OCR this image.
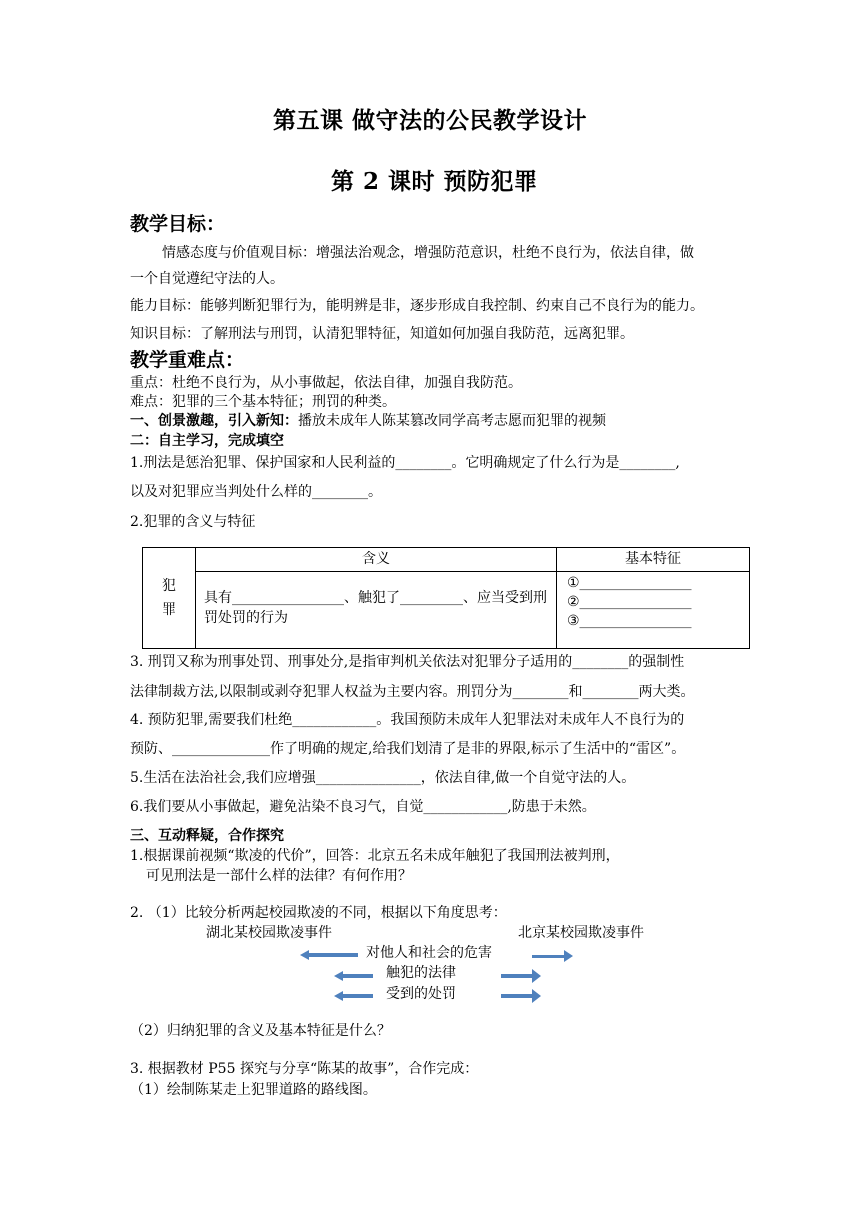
第五课 做守法的公民教学设计
第 2 课时 预防犯罪
教学目标：
情感态度与价值观目标：增强法治观念，增强防范意识，杜绝不良行为，依法自律，做
一个自觉遵纪守法的人。
能力目标：能够判断犯罪行为，能明辨是非，逐步形成自我控制、约束自己不良行为的能力。
知识目标：了解刑法与刑罚，认清犯罪特征，知道如何加强自我防范，远离犯罪。
教学重难点：
重点：杜绝不良行为，从小事做起，依法自律，加强自我防范。
难点：犯罪的三个基本特征；刑罚的种类。
一、创景激趣，引入新知：播放未成年人陈某篡改同学高考志愿而犯罪的视频
二：自主学习，完成填空
1.刑法是惩治犯罪、保护国家和人民利益的________。它明确规定了什么行为是________,
以及对犯罪应当判处什么样的________。
2.犯罪的含义与特征
犯
罪	含义	基本特征
	具有________________、触犯了_________、应当受到刑罚处罚的行为	①________________
②________________
③________________
3. 刑罚又称为刑事处罚、刑事处分,是指审判机关依法对犯罪分子适用的________的强制性
法律制裁方法,以限制或剥夺犯罪人权益为主要内容。刑罚分为________和________两大类。
4. 预防犯罪,需要我们杜绝____________。我国预防未成年人犯罪法对未成年人不良行为的
预防、______________作了明确的规定,给我们划清了是非的界限,标示了生活中的“雷区”。
5.生活在法治社会,我们应增强_______________，依法自律,做一个自觉守法的人。
6.我们要从小事做起，避免沾染不良习气，自觉____________,防患于未然。
三、互动释疑，合作探究
1.根据课前视频“欺凌的代价”，回答：北京五名未成年触犯了我国刑法被判刑，
可见刑法是一部什么样的法律？有何作用？
2. （1）比较分析两起校园欺凌的不同，根据以下角度思考：
湖北某校园欺凌事件	北京某校园欺凌事件
对他人和社会的危害
触犯的法律
受到的处罚
（2）归纳犯罪的含义及基本特征是什么？
3. 根据教材 P55 探究与分享“陈某的故事”，合作完成：
（1）绘制陈某走上犯罪道路的路线图。
